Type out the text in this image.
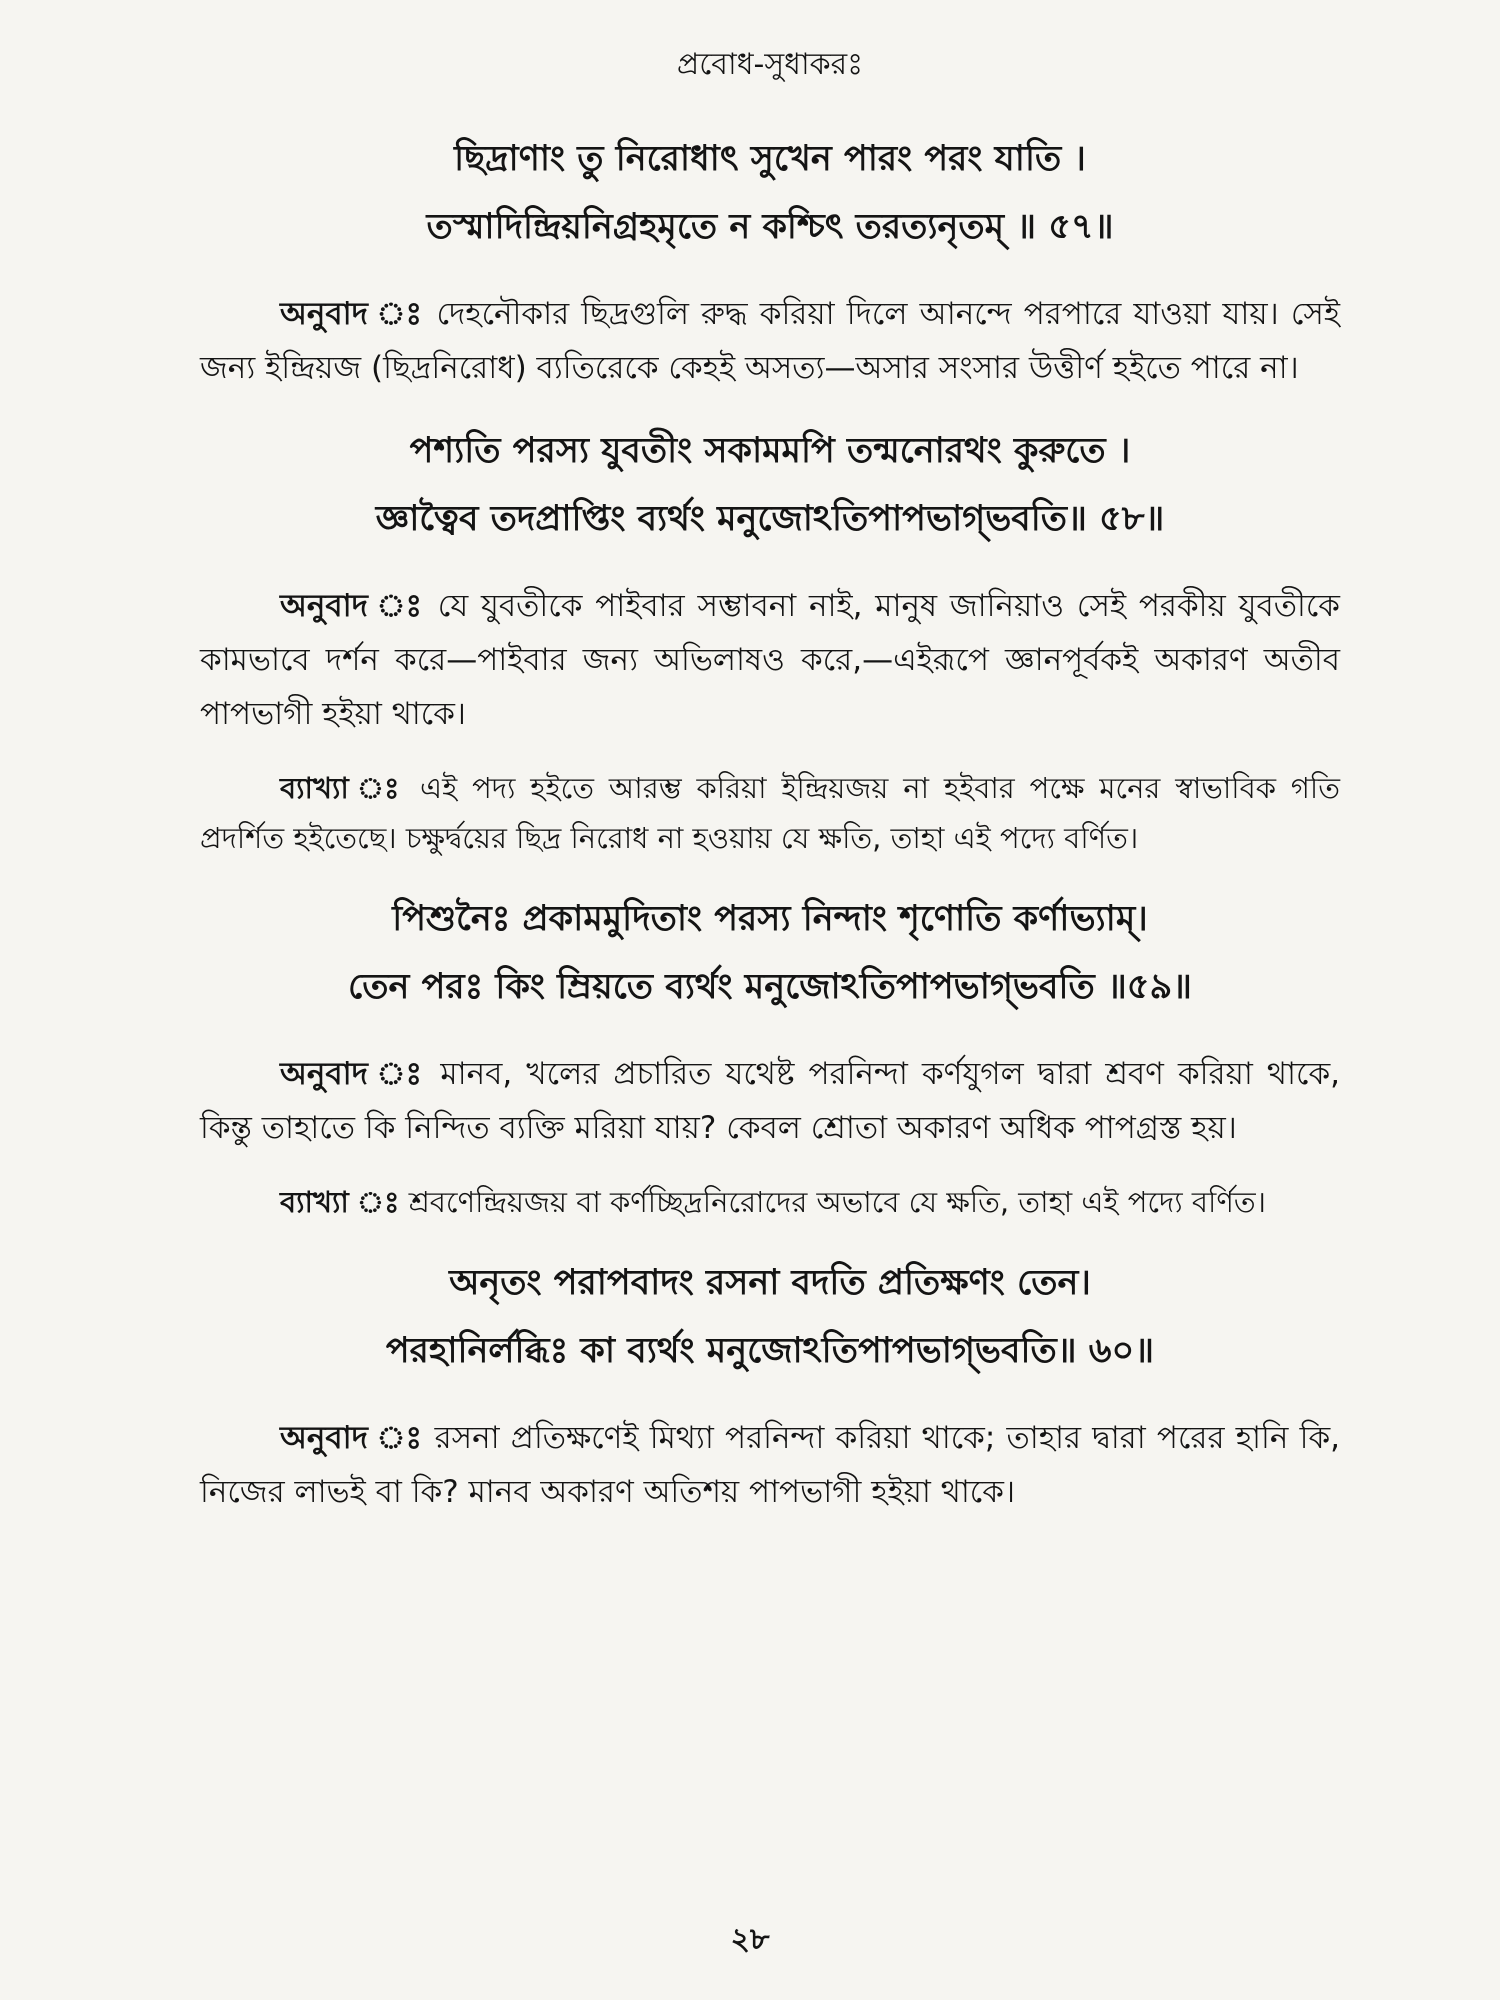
প্রবোধ-সুধাকরঃ

ছিদ্রাণাং তু নিরোধাৎ সুখেন পারং পরং যাতি ।

তস্মাদিন্দ্রিয়নিগ্রহমৃতে ন কশ্চিৎ তরত্যনৃতম্ ॥ ৫৭॥

অনুবাদ ঃ দেহনৌকার ছিদ্রগুলি রুদ্ধ করিয়া দিলে আনন্দে পরপারে যাওয়া যায়। সেই জন্য ইন্দ্রিয়জ (ছিদ্রনিরোধ) ব্যতিরেকে কেহই অসত্য—অসার সংসার উত্তীর্ণ হইতে পারে না।

পশ্যতি পরস্য যুবতীং সকামমপি তন্মনোরথং কুরুতে ।

জ্ঞাত্বৈব তদপ্রাপ্তিং ব্যর্থং মনুজোঽতিপাপভাগ্ভবতি॥ ৫৮॥

অনুবাদ ঃ যে যুবতীকে পাইবার সম্ভাবনা নাই, মানুষ জানিয়াও সেই পরকীয় যুবতীকে কামভাবে দর্শন করে—পাইবার জন্য অভিলাষও করে,—এইরূপে জ্ঞানপূর্বকই অকারণ অতীব পাপভাগী হইয়া থাকে।

ব্যাখ্যা ঃ এই পদ্য হইতে আরম্ভ করিয়া ইন্দ্রিয়জয় না হইবার পক্ষে মনের স্বাভাবিক গতি প্রদর্শিত হইতেছে। চক্ষুর্দ্বয়ের ছিদ্র নিরোধ না হওয়ায় যে ক্ষতি, তাহা এই পদ্যে বর্ণিত।

পিশুনৈঃ প্রকামমুদিতাং পরস্য নিন্দাং শৃণোতি কর্ণাভ্যাম্।

তেন পরঃ কিং ম্রিয়তে ব্যর্থং মনুজোঽতিপাপভাগ্ভবতি ॥৫৯॥

অনুবাদ ঃ মানব, খলের প্রচারিত যথেষ্ট পরনিন্দা কর্ণযুগল দ্বারা শ্রবণ করিয়া থাকে, কিন্তু তাহাতে কি নিন্দিত ব্যক্তি মরিয়া যায়? কেবল শ্রোতা অকারণ অধিক পাপগ্রস্ত হয়।

ব্যাখ্যা ঃ শ্রবণেন্দ্রিয়জয় বা কর্ণচ্ছিদ্রনিরোদের অভাবে যে ক্ষতি, তাহা এই পদ্যে বর্ণিত।

অনৃতং পরাপবাদং রসনা বদতি প্রতিক্ষণং তেন।

পরহানির্লব্ধিঃ কা ব্যর্থং মনুজোঽতিপাপভাগ্ভবতি॥ ৬০॥

অনুবাদ ঃ রসনা প্রতিক্ষণেই মিথ্যা পরনিন্দা করিয়া থাকে; তাহার দ্বারা পরের হানি কি, নিজের লাভই বা কি? মানব অকারণ অতিশয় পাপভাগী হইয়া থাকে।

২৮
